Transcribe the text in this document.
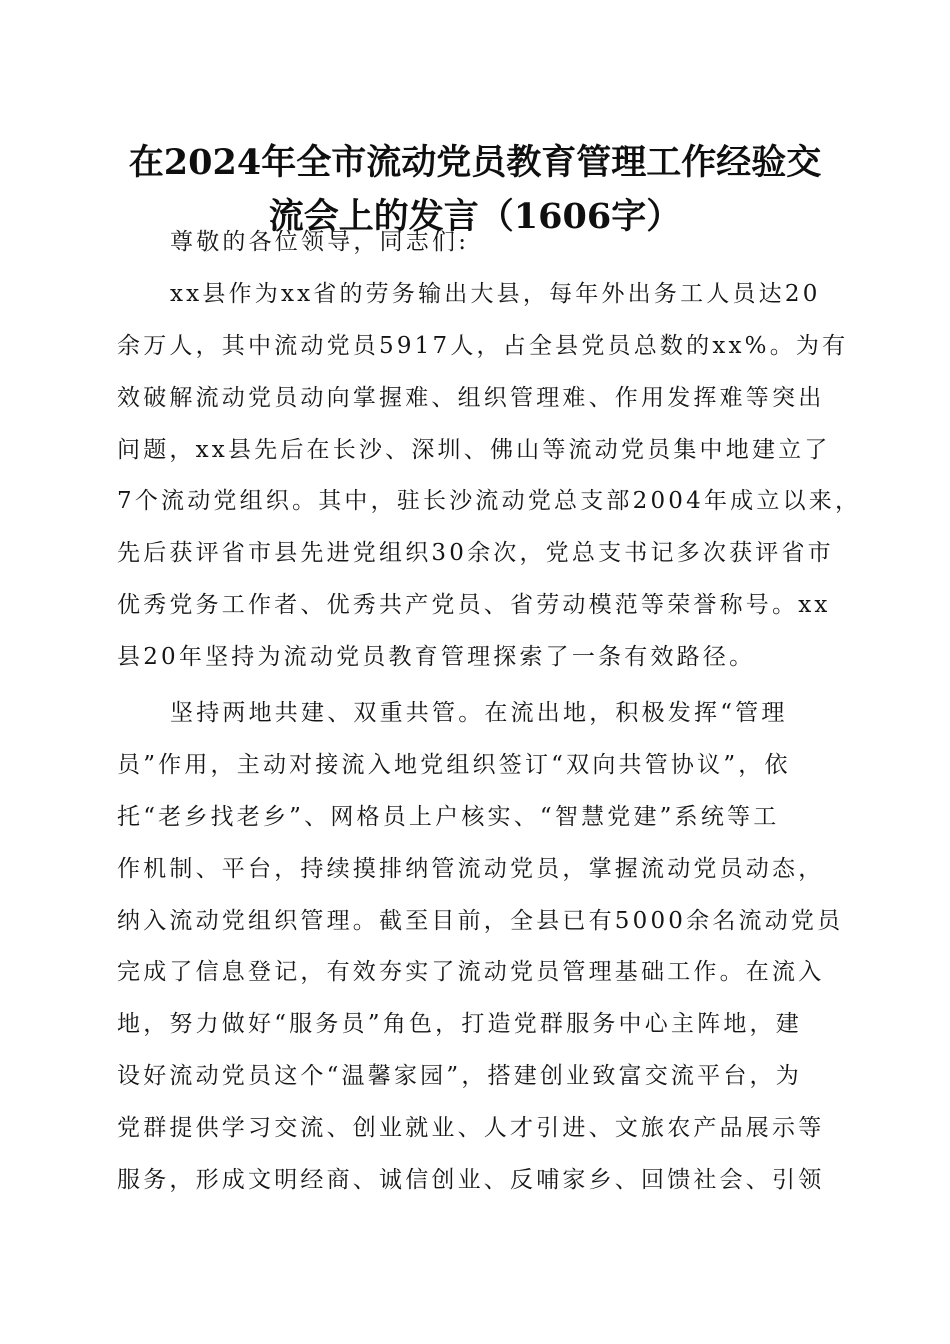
在2024年全市流动党员教育管理工作经验交
流会上的发言（1606字）
尊敬的各位领导，同志们:
xx县作为xx省的劳务输出大县，每年外出务工人员达20
余万人，其中流动党员5917人，占全县党员总数的xx%。为有
效破解流动党员动向掌握难、组织管理难、作用发挥难等突出
问题，xx县先后在长沙、深圳、佛山等流动党员集中地建立了
7个流动党组织。其中，驻长沙流动党总支部2004年成立以来，
先后获评省市县先进党组织30余次，党总支书记多次获评省市
优秀党务工作者、优秀共产党员、省劳动模范等荣誉称号。xx
县20年坚持为流动党员教育管理探索了一条有效路径。
坚持两地共建、双重共管。在流出地，积极发挥“管理
员”作用，主动对接流入地党组织签订“双向共管协议”，依
托“老乡找老乡”、网格员上户核实、“智慧党建”系统等工
作机制、平台，持续摸排纳管流动党员，掌握流动党员动态，
纳入流动党组织管理。截至目前，全县已有5000余名流动党员
完成了信息登记，有效夯实了流动党员管理基础工作。在流入
地，努力做好“服务员”角色，打造党群服务中心主阵地，建
设好流动党员这个“温馨家园”，搭建创业致富交流平台，为
党群提供学习交流、创业就业、人才引进、文旅农产品展示等
服务，形成文明经商、诚信创业、反哺家乡、回馈社会、引领
